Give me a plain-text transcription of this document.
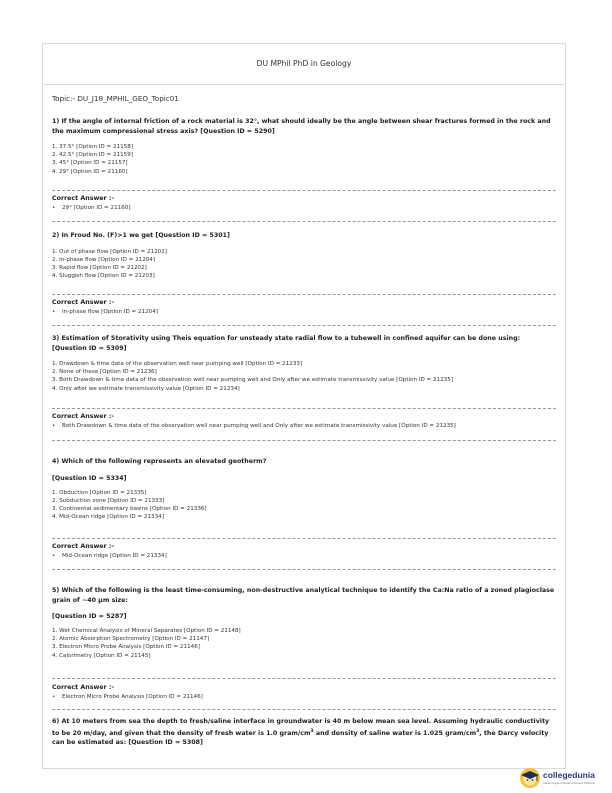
DU MPhil PhD in Geology
Topic:- DU_J18_MPHIL_GEO_Topic01
1) If the angle of internal friction of a rock material is 32°, what should ideally be the angle between shear fractures formed in the rock and the maximum compressional stress axis? [Question ID = 5290]
1. 37.5° [Option ID = 21158]
2. 42.5° [Option ID = 21159]
3. 45° [Option ID = 21157]
4. 29° [Option ID = 21160]
Correct Answer :-
• 29° [Option ID = 21160]
2) In Froud No. (F)>1 we get [Question ID = 5301]
1. Out of phase flow [Option ID = 21201]
2. In-phase flow [Option ID = 21204]
3. Rapid flow [Option ID = 21202]
4. Sluggish flow [Option ID = 21203]
Correct Answer :-
• In-phase flow [Option ID = 21204]
3) Estimation of Storativity using Theis equation for unsteady state radial flow to a tubewell in confined aquifer can be done using: [Question ID = 5309]
1. Drawdown & time data of the observation well near pumping well [Option ID = 21233]
2. None of these [Option ID = 21236]
3. Both Drawdown & time data of the observation well near pumping well and Only after we estimate transmissivity value [Option ID = 21235]
4. Only after we estimate transmissivity value [Option ID = 21234]
Correct Answer :-
• Both Drawdown & time data of the observation well near pumping well and Only after we estimate transmissivity value [Option ID = 21235]
4) Which of the following represents an elevated geotherm?
[Question ID = 5334]
1. Obduction [Option ID = 21335]
2. Subduction zone [Option ID = 21333]
3. Continental sedimentary basins [Option ID = 21336]
4. Mid-Ocean ridge [Option ID = 21334]
Correct Answer :-
• Mid-Ocean ridge [Option ID = 21334]
5) Which of the following is the least time-consuming, non-destructive analytical technique to identify the Ca:Na ratio of a zoned plagioclase grain of ~40 µm size:
[Question ID = 5287]
1. Wet Chemical Analysis of Mineral Separates [Option ID = 21148]
2. Atomic Absorption Spectrometry [Option ID = 21147]
3. Electron Micro Probe Analysis [Option ID = 21146]
4. Calorimetry [Option ID = 21145]
Correct Answer :-
• Electron Micro Probe Analysis [Option ID = 21146]
6) At 10 meters from sea the depth to fresh/saline interface in groundwater is 40 m below mean sea level. Assuming hydraulic conductivity to be 20 m/day, and given that the density of fresh water is 1.0 gram/$cm^3$ and density of saline water is 1.025 gram/$cm^3$, the Darcy velocity can be estimated as: [Question ID = 5308]
collegedunia
India's largest Student Review Platform
